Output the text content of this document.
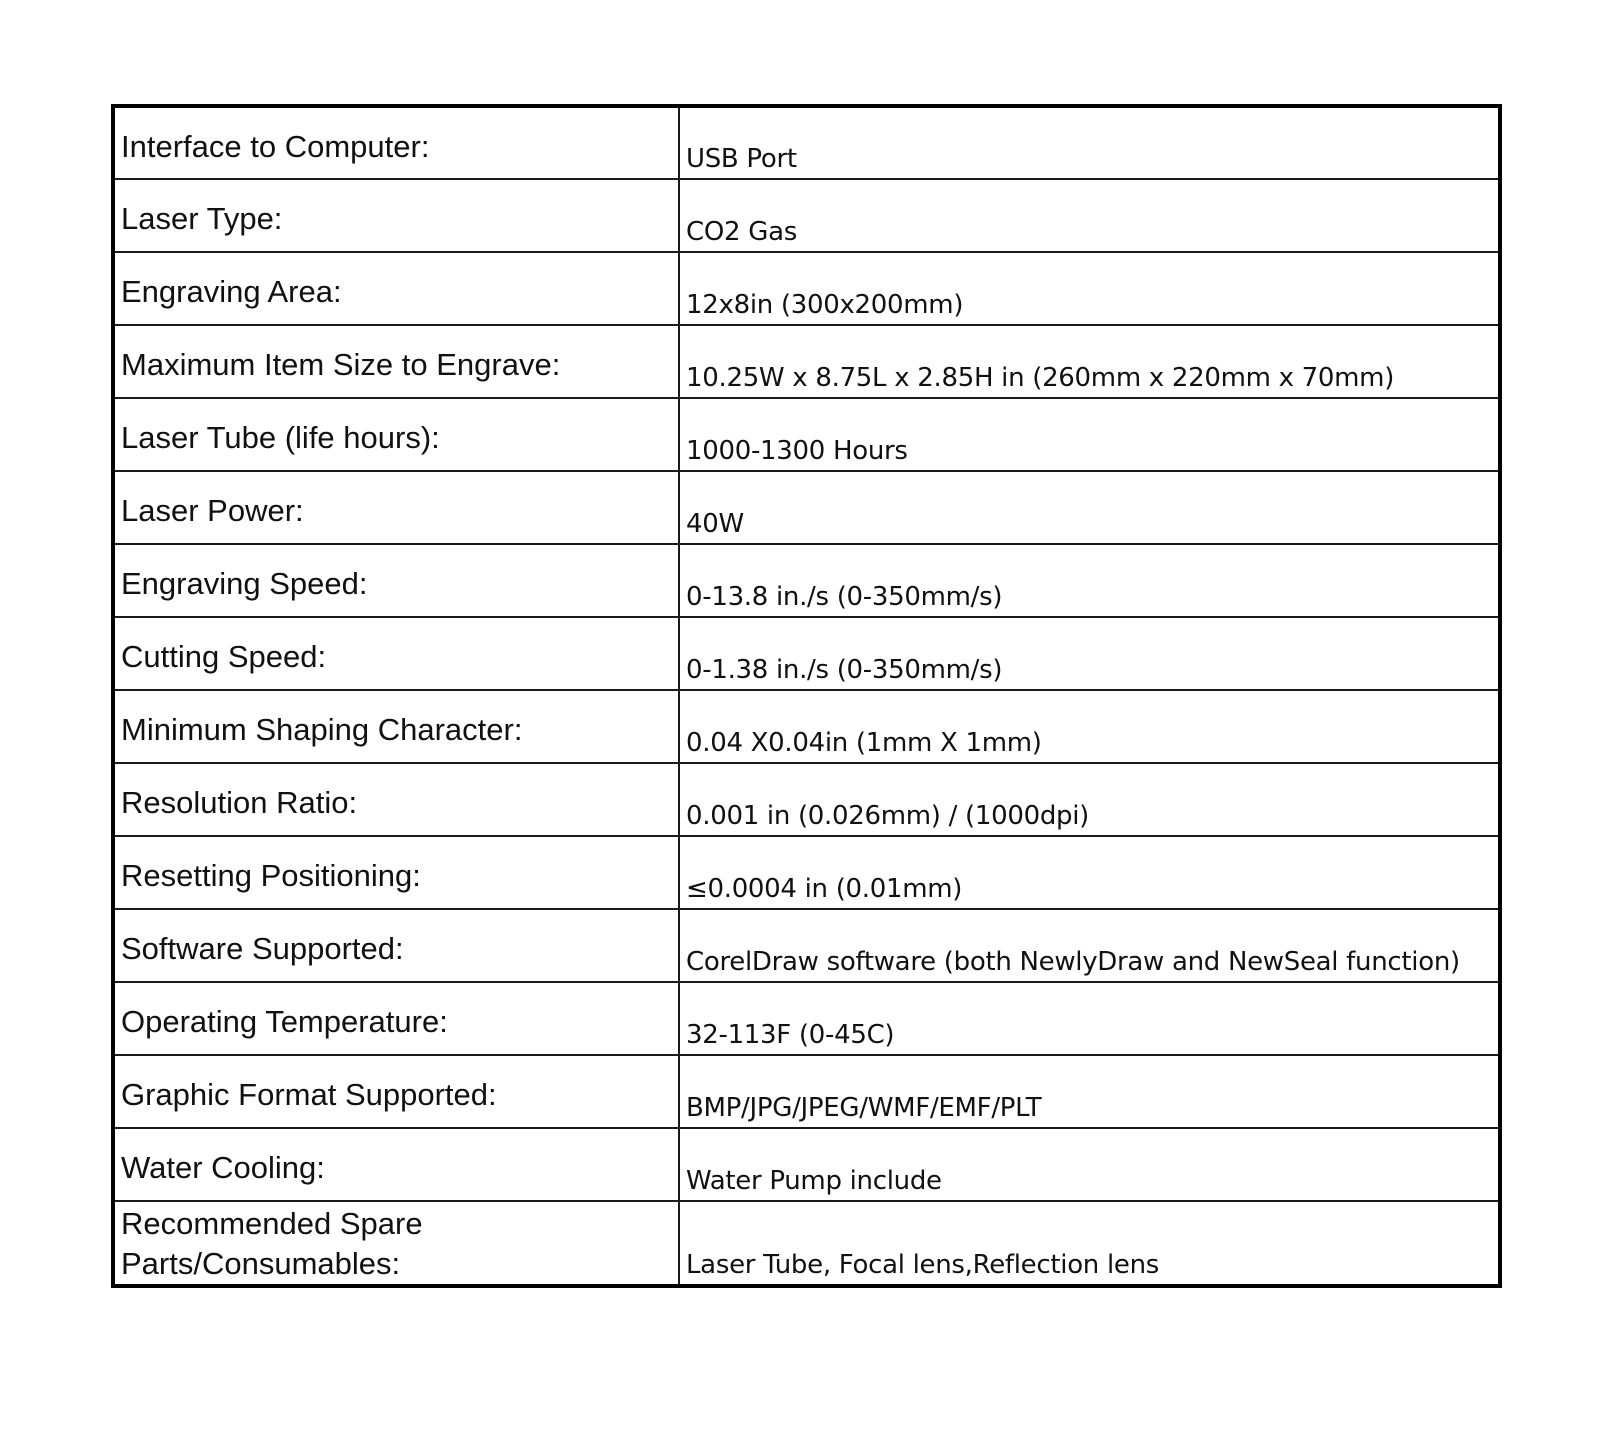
Interface to Computer:	USB Port
Laser Type:	CO2 Gas
Engraving Area:	12x8in (300x200mm)
Maximum Item Size to Engrave:	10.25W x 8.75L x 2.85H in (260mm x 220mm x 70mm)
Laser Tube (life hours):	1000-1300 Hours
Laser Power:	40W
Engraving Speed:	0-13.8 in./s (0-350mm/s)
Cutting Speed:	0-1.38 in./s (0-350mm/s)
Minimum Shaping Character:	0.04 X0.04in (1mm X 1mm)
Resolution Ratio:	0.001 in (0.026mm) / (1000dpi)
Resetting Positioning:	≤0.0004 in (0.01mm)
Software Supported:	CorelDraw software (both NewlyDraw and NewSeal function)
Operating Temperature:	32-113F (0-45C)
Graphic Format Supported:	BMP/JPG/JPEG/WMF/EMF/PLT
Water Cooling:	Water Pump include
Recommended Spare Parts/Consumables:	Laser Tube, Focal lens,Reflection lens
